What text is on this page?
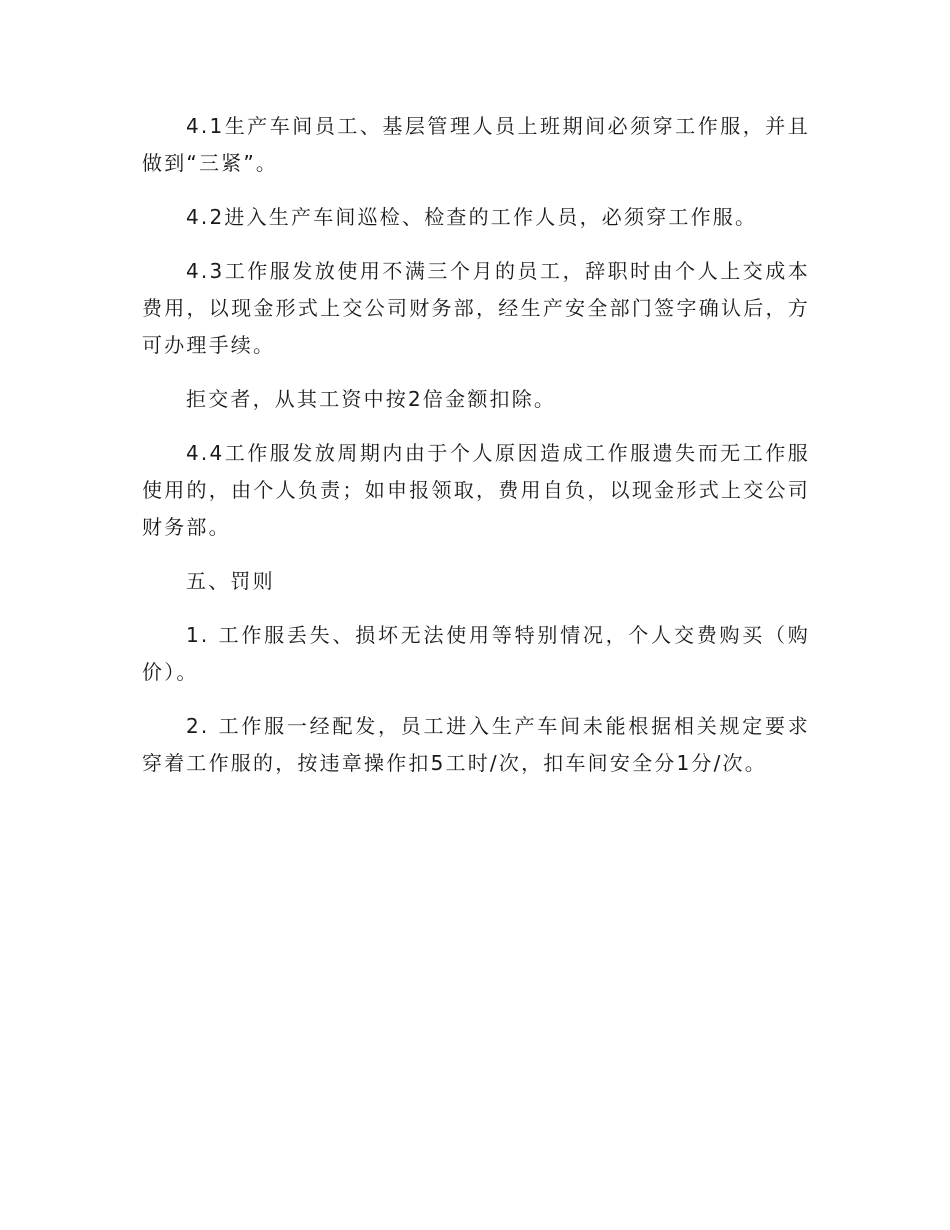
4.1生产车间员工、基层管理人员上班期间必须穿工作服，并且做到“三紧”。

4.2进入生产车间巡检、检查的工作人员，必须穿工作服。

4.3工作服发放使用不满三个月的员工，辞职时由个人上交成本费用，以现金形式上交公司财务部，经生产安全部门签字确认后，方可办理手续。

拒交者，从其工资中按2倍金额扣除。

4.4工作服发放周期内由于个人原因造成工作服遗失而无工作服使用的，由个人负责；如申报领取，费用自负，以现金形式上交公司财务部。

五、罚则

1. 工作服丢失、损坏无法使用等特别情况，个人交费购买（购价）。

2. 工作服一经配发，员工进入生产车间未能根据相关规定要求穿着工作服的，按违章操作扣5工时/次，扣车间安全分1分/次。
